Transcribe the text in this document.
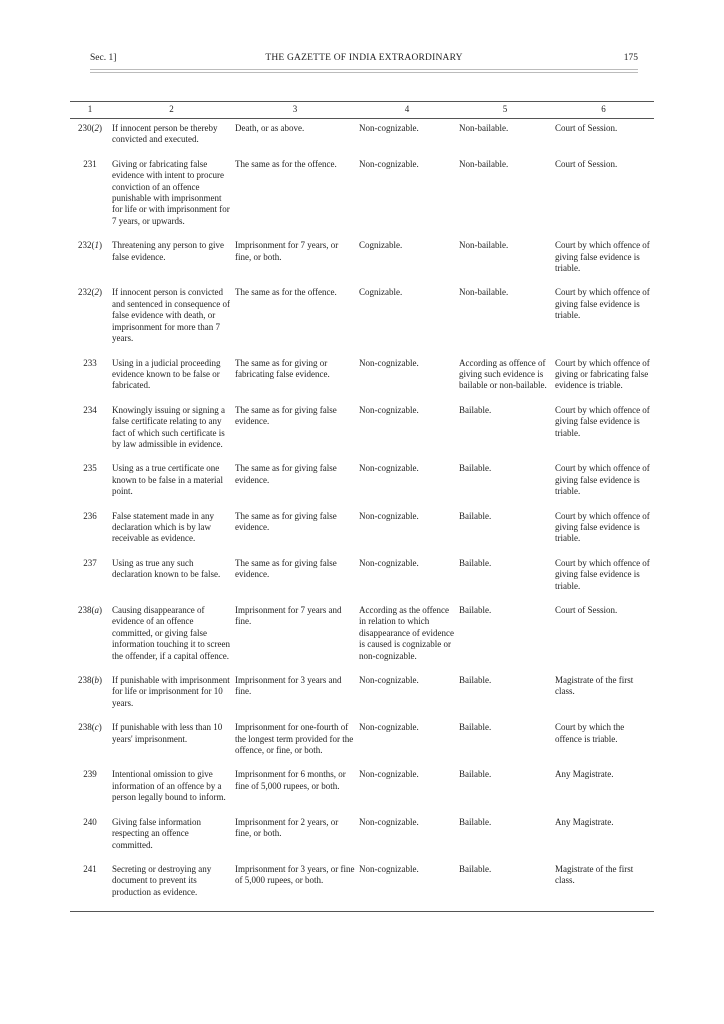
Sec. 1]	THE GAZETTE OF INDIA EXTRAORDINARY	175
1	2	3	4	5	6
230(2)	If innocent person be thereby convicted and executed.	Death, or as above.	Non-cognizable.	Non-bailable.	Court of Session.
231	Giving or fabricating false evidence with intent to procure conviction of an offence punishable with imprisonment for life or with imprisonment for 7 years, or upwards.	The same as for the offence.	Non-cognizable.	Non-bailable.	Court of Session.
232(1)	Threatening any person to give false evidence.	Imprisonment for 7 years, or fine, or both.	Cognizable.	Non-bailable.	Court by which offence of giving false evidence is triable.
232(2)	If innocent person is convicted and sentenced in consequence of false evidence with death, or imprisonment for more than 7 years.	The same as for the offence.	Cognizable.	Non-bailable.	Court by which offence of giving false evidence is triable.
233	Using in a judicial proceeding evidence known to be false or fabricated.	The same as for giving or fabricating false evidence.	Non-cognizable.	According as offence of giving such evidence is bailable or non-bailable.	Court by which offence of giving or fabricating false evidence is triable.
234	Knowingly issuing or signing a false certificate relating to any fact of which such certificate is by law admissible in evidence.	The same as for giving false evidence.	Non-cognizable.	Bailable.	Court by which offence of giving false evidence is triable.
235	Using as a true certificate one known to be false in a material point.	The same as for giving false evidence.	Non-cognizable.	Bailable.	Court by which offence of giving false evidence is triable.
236	False statement made in any declaration which is by law receivable as evidence.	The same as for giving false evidence.	Non-cognizable.	Bailable.	Court by which offence of giving false evidence is triable.
237	Using as true any such declaration known to be false.	The same as for giving false evidence.	Non-cognizable.	Bailable.	Court by which offence of giving false evidence is triable.
238(a)	Causing disappearance of evidence of an offence committed, or giving false information touching it to screen the offender, if a capital offence.	Imprisonment for 7 years and fine.	According as the offence in relation to which disappearance of evidence is caused is cognizable or non-cognizable.	Bailable.	Court of Session.
238(b)	If punishable with imprisonment for life or imprisonment for 10 years.	Imprisonment for 3 years and fine.	Non-cognizable.	Bailable.	Magistrate of the first class.
238(c)	If punishable with less than 10 years' imprisonment.	Imprisonment for one-fourth of the longest term provided for the offence, or fine, or both.	Non-cognizable.	Bailable.	Court by which the offence is triable.
239	Intentional omission to give information of an offence by a person legally bound to inform.	Imprisonment for 6 months, or fine of 5,000 rupees, or both.	Non-cognizable.	Bailable.	Any Magistrate.
240	Giving false information respecting an offence committed.	Imprisonment for 2 years, or fine, or both.	Non-cognizable.	Bailable.	Any Magistrate.
241	Secreting or destroying any document to prevent its production as evidence.	Imprisonment for 3 years, or fine of 5,000 rupees, or both.	Non-cognizable.	Bailable.	Magistrate of the first class.
